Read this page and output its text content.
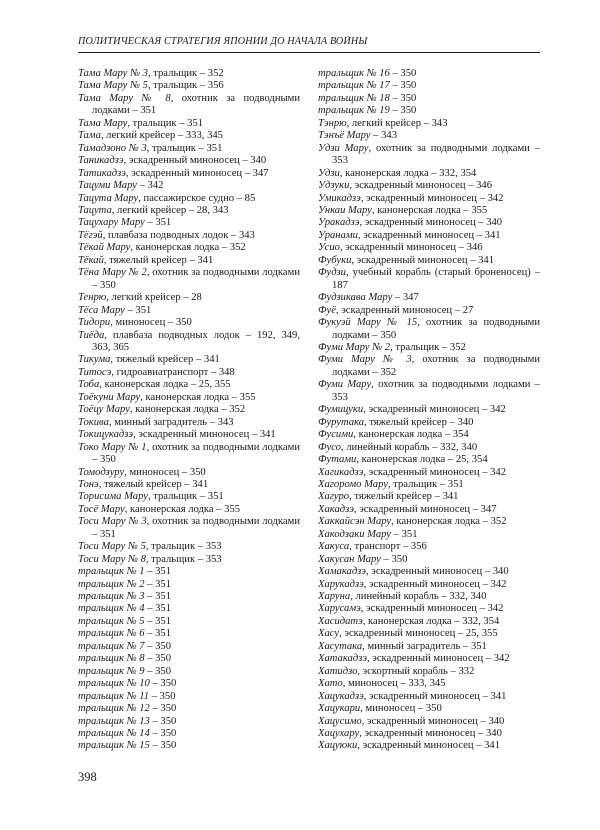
ПОЛИТИЧЕСКАЯ СТРАТЕГИЯ ЯПОНИИ ДО НАЧАЛА ВОЙНЫ
Тама Мару № 3, тральщик – 352
Тама Мару № 5, тральщик – 356
Тама Мару № 8, охотник за подводными лодками – 351
Тама Мару, тральщик – 351
Тама, легкий крейсер – 333, 345
Тамадзоно № 3, тральщик – 351
Таникадзэ, эскадренный миноносец – 340
Татикадзэ, эскадренный миноносец – 347
Тацуми Мару – 342
Тацута Мару, пассажирское судно – 85
Тацута, легкий крейсер – 28, 343
Тацухару Мару – 351
Тёгэй, плавбаза подводных лодок – 343
Тёкай Мару, канонерская лодка – 352
Тёкай, тяжелый крейсер – 341
Тёна Мару № 2, охотник за подводными лодками – 350
Тенрю, легкий крейсер – 28
Тёса Мару – 351
Тидори, миноносец – 350
Тиёда, плавбаза подводных лодок – 192, 349, 363, 365
Тикума, тяжелый крейсер – 341
Титосэ, гидроавиатранспорт – 348
Тоба, канонерская лодка – 25, 355
Тоёкуни Мару, канонерская лодка – 355
Тоёцу Мару, канонерская лодка – 352
Токива, минный заградитель – 343
Токицукадзэ, эскадренный миноносец – 341
Токо Мару № 1, охотник за подводными лодками – 350
Томодзуру, миноносец – 350
Тонэ, тяжелый крейсер – 341
Торисима Мару, тральщик – 351
Тосё Мару, канонерская лодка – 355
Тоси Мару № 3, охотник за подводными лодками – 351
Тоси Мару № 5, тральщик – 353
Тоси Мару № 8, тральщик – 353
тральщик № 1 – 351
тральщик № 2 – 351
тральщик № 3 – 351
тральщик № 4 – 351
тральщик № 5 – 351
тральщик № 6 – 351
тральщик № 7 – 350
тральщик № 8 – 350
тральщик № 9 – 350
тральщик № 10 – 350
тральщик № 11 – 350
тральщик № 12 – 350
тральщик № 13 – 350
тральщик № 14 – 350
тральщик № 15 – 350
тральщик № 16 – 350
тральщик № 17 – 350
тральщик № 18 – 350
тральщик № 19 – 350
Тэнрю, легкий крейсер – 343
Тэнъё Мару – 343
Удзи Мару, охотник за подводными лодками – 353
Удзи, канонерская лодка – 332, 354
Удзуки, эскадренный миноносец – 346
Умикадзэ, эскадренный миноносец – 342
Ункаи Мару, канонерская лодка – 355
Уракадзэ, эскадренный миноносец – 340
Уранами, эскадренный миноносец – 341
Усио, эскадренный миноносец – 346
Фубуки, эскадренный миноносец – 341
Фудзи, учебный корабль (старый броненосец) – 187
Фудзикава Мару – 347
Фуё, эскадренный миноносец – 27
Фукуэй Мару № 15, охотник за подводными лодками – 350
Фуми Мару № 2, тральщик – 352
Фуми Мару № 3, охотник за подводными лодками – 352
Фуми Мару, охотник за подводными лодками – 353
Фумицуки, эскадренный миноносец – 342
Фурутака, тяжелый крейсер – 340
Фусими, канонерская лодка – 354
Фусо, линейный корабль – 332, 340
Футами, канонерская лодка – 25, 354
Хагикадзэ, эскадренный миноносец – 342
Хагоромо Мару, тральщик – 351
Хагуро, тяжелый крейсер – 341
Хакадзэ, эскадренный миноносец – 347
Хаккайсэн Мару, канонерская лодка – 352
Хакодзаки Мару – 351
Хакуса, транспорт – 356
Хакусан Мару – 350
Хамакадзэ, эскадренный миноносец – 340
Харукадзэ, эскадренный миноносец – 342
Харуна, линейный корабль – 332, 340
Харусамэ, эскадренный миноносец – 342
Хасидатэ, канонерская лодка – 332, 354
Хасу, эскадренный миноносец – 25, 355
Хасутака, минный заградитель – 351
Хатакадзэ, эскадренный миноносец – 342
Хатидзо, эскортный корабль – 332
Хато, миноносец – 333, 345
Хацукадзэ, эскадренный миноносец – 341
Хацукари, миноносец – 350
Хацусимо, эскадренный миноносец – 340
Хацухару, эскадренный миноносец – 340
Хацуюки, эскадренный миноносец – 341
398
